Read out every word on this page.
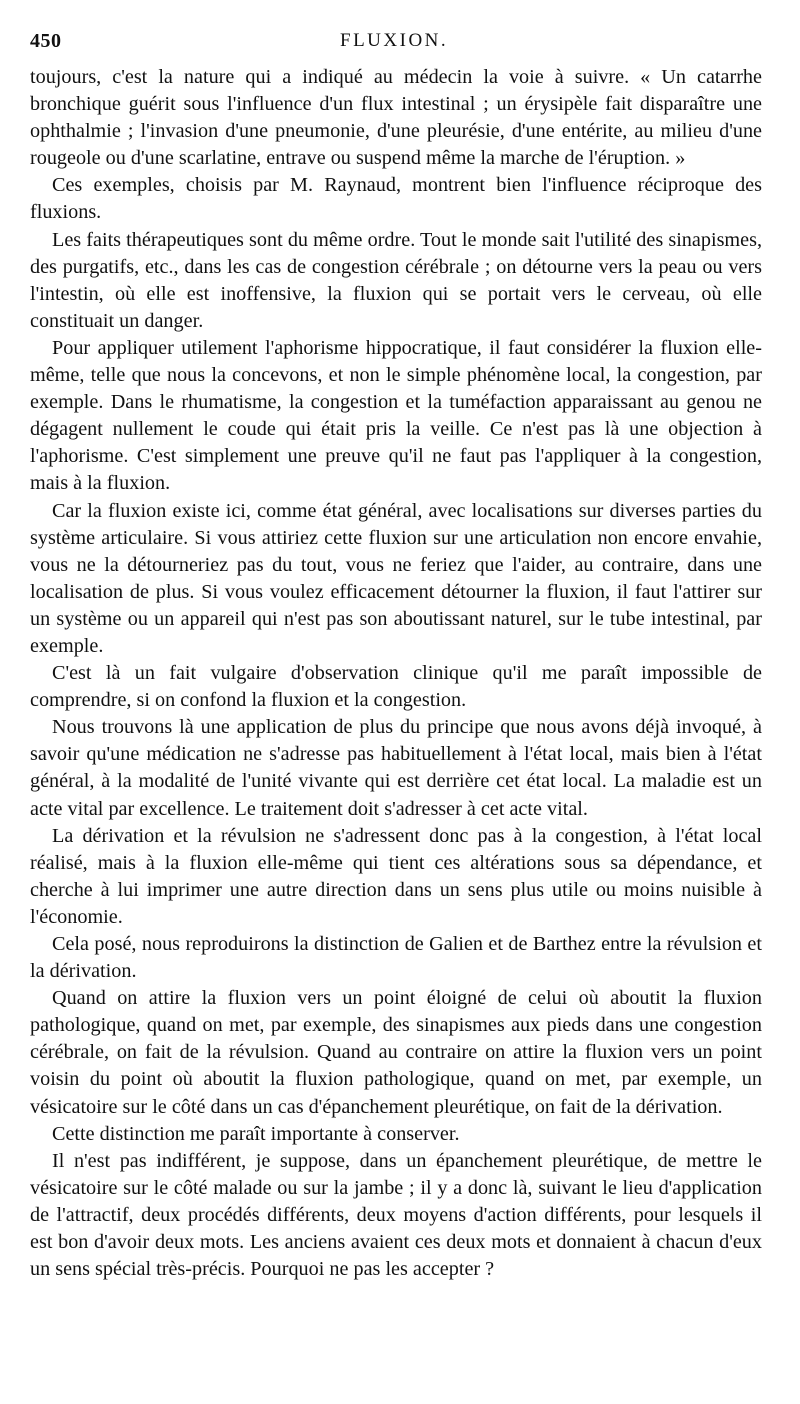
450	FLUXION.

toujours, c'est la nature qui a indiqué au médecin la voie à suivre. « Un catarrhe bronchique guérit sous l'influence d'un flux intestinal ; un érysipèle fait disparaître une ophthalmie ; l'invasion d'une pneumonie, d'une pleurésie, d'une entérite, au milieu d'une rougeole ou d'une scarlatine, entrave ou suspend même la marche de l'éruption. »

Ces exemples, choisis par M. Raynaud, montrent bien l'influence réciproque des fluxions.

Les faits thérapeutiques sont du même ordre. Tout le monde sait l'utilité des sinapismes, des purgatifs, etc., dans les cas de congestion cérébrale ; on détourne vers la peau ou vers l'intestin, où elle est inoffensive, la fluxion qui se portait vers le cerveau, où elle constituait un danger.

Pour appliquer utilement l'aphorisme hippocratique, il faut considérer la fluxion elle-même, telle que nous la concevons, et non le simple phénomène local, la congestion, par exemple. Dans le rhumatisme, la congestion et la tuméfaction apparaissant au genou ne dégagent nullement le coude qui était pris la veille. Ce n'est pas là une objection à l'aphorisme. C'est simplement une preuve qu'il ne faut pas l'appliquer à la congestion, mais à la fluxion.

Car la fluxion existe ici, comme état général, avec localisations sur diverses parties du système articulaire. Si vous attiriez cette fluxion sur une articulation non encore envahie, vous ne la détourneriez pas du tout, vous ne feriez que l'aider, au contraire, dans une localisation de plus. Si vous voulez efficacement détourner la fluxion, il faut l'attirer sur un système ou un appareil qui n'est pas son aboutissant naturel, sur le tube intestinal, par exemple.

C'est là un fait vulgaire d'observation clinique qu'il me paraît impossible de comprendre, si on confond la fluxion et la congestion.

Nous trouvons là une application de plus du principe que nous avons déjà invoqué, à savoir qu'une médication ne s'adresse pas habituellement à l'état local, mais bien à l'état général, à la modalité de l'unité vivante qui est derrière cet état local. La maladie est un acte vital par excellence. Le traitement doit s'adresser à cet acte vital.

La dérivation et la révulsion ne s'adressent donc pas à la congestion, à l'état local réalisé, mais à la fluxion elle-même qui tient ces altérations sous sa dépendance, et cherche à lui imprimer une autre direction dans un sens plus utile ou moins nuisible à l'économie.

Cela posé, nous reproduirons la distinction de Galien et de Barthez entre la révulsion et la dérivation.

Quand on attire la fluxion vers un point éloigné de celui où aboutit la fluxion pathologique, quand on met, par exemple, des sinapismes aux pieds dans une congestion cérébrale, on fait de la révulsion. Quand au contraire on attire la fluxion vers un point voisin du point où aboutit la fluxion pathologique, quand on met, par exemple, un vésicatoire sur le côté dans un cas d'épanchement pleurétique, on fait de la dérivation.

Cette distinction me paraît importante à conserver.

Il n'est pas indifférent, je suppose, dans un épanchement pleurétique, de mettre le vésicatoire sur le côté malade ou sur la jambe ; il y a donc là, suivant le lieu d'application de l'attractif, deux procédés différents, deux moyens d'action différents, pour lesquels il est bon d'avoir deux mots. Les anciens avaient ces deux mots et donnaient à chacun d'eux un sens spécial très-précis. Pourquoi ne pas les accepter ?
